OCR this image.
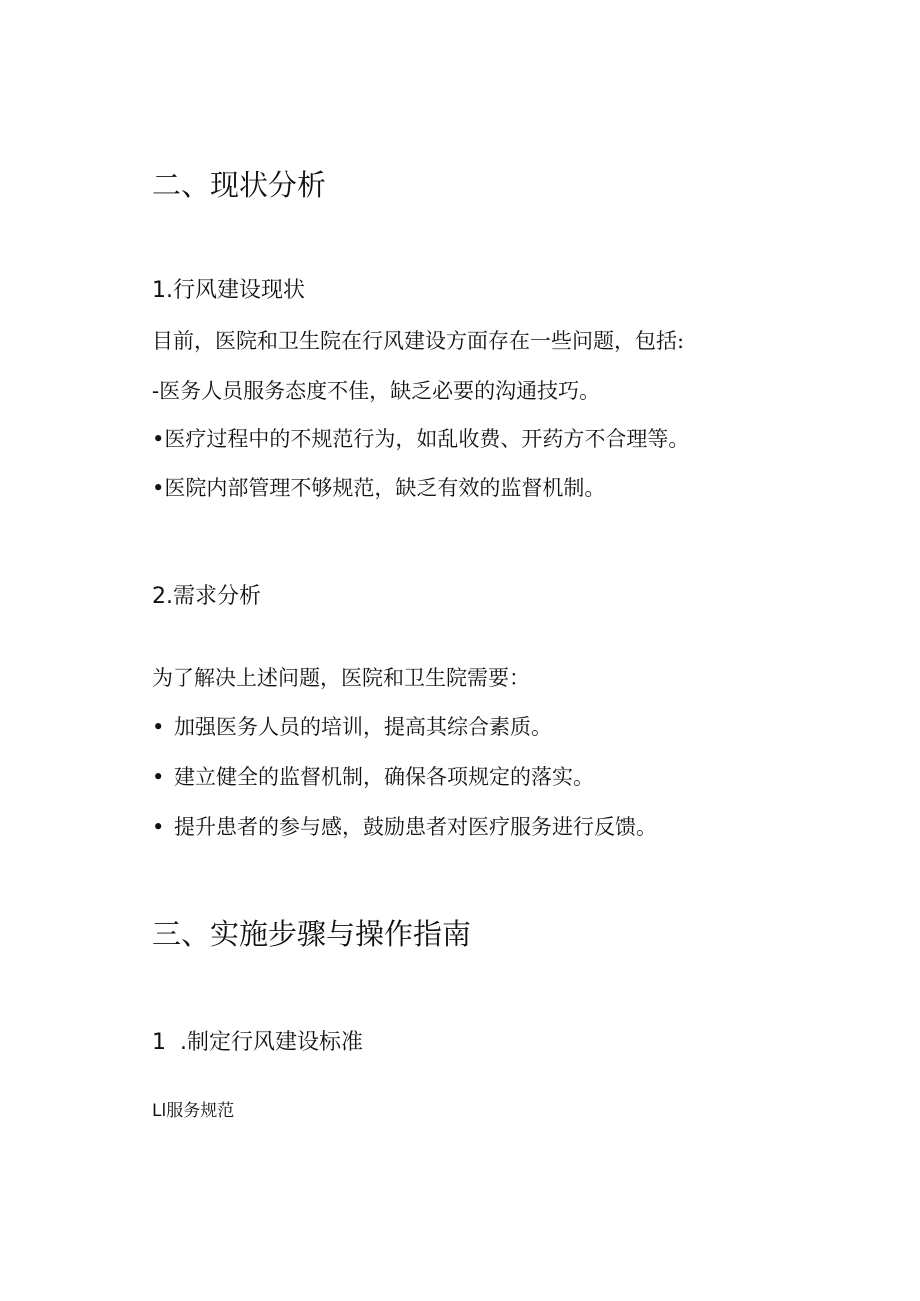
二、现状分析
1.行风建设现状
目前，医院和卫生院在行风建设方面存在一些问题，包括:
-医务人员服务态度不佳，缺乏必要的沟通技巧。
•医疗过程中的不规范行为，如乱收费、开药方不合理等。
•医院内部管理不够规范，缺乏有效的监督机制。
2.需求分析
为了解决上述问题，医院和卫生院需要：
• 加强医务人员的培训，提高其综合素质。
• 建立健全的监督机制，确保各项规定的落实。
• 提升患者的参与感，鼓励患者对医疗服务进行反馈。
三、实施步骤与操作指南
1  .制定行风建设标准
Ll服务规范
